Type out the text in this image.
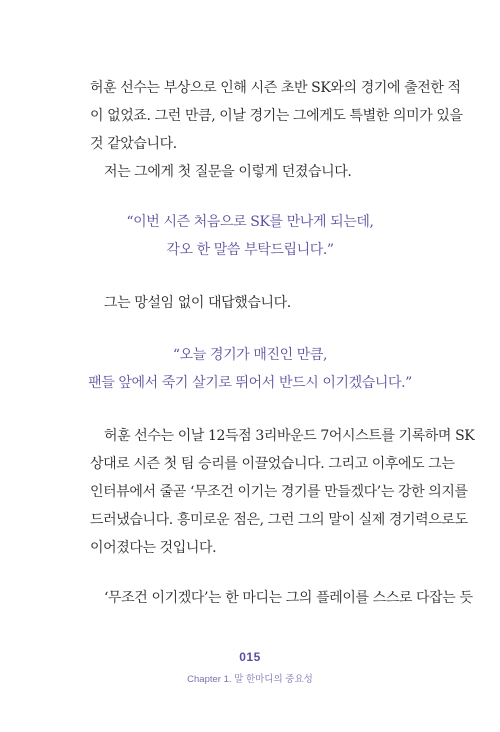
허훈 선수는 부상으로 인해 시즌 초반 SK와의 경기에 출전한 적
이 없었죠. 그런 만큼, 이날 경기는 그에게도 특별한 의미가 있을
것 같았습니다.
저는 그에게 첫 질문을 이렇게 던졌습니다.
“이번 시즌 처음으로 SK를 만나게 되는데,
각오 한 말씀 부탁드립니다.”
그는 망설임 없이 대답했습니다.
“오늘 경기가 매진인 만큼,
팬들 앞에서 죽기 살기로 뛰어서 반드시 이기겠습니다.”
허훈 선수는 이날 12득점 3리바운드 7어시스트를 기록하며 SK
상대로 시즌 첫 팀 승리를 이끌었습니다. 그리고 이후에도 그는
인터뷰에서 줄곧 ‘무조건 이기는 경기를 만들겠다’는 강한 의지를
드러냈습니다. 흥미로운 점은, 그런 그의 말이 실제 경기력으로도
이어졌다는 것입니다.
‘무조건 이기겠다’는 한 마디는 그의 플레이를 스스로 다잡는 듯
015
Chapter 1. 말 한마디의 중요성
